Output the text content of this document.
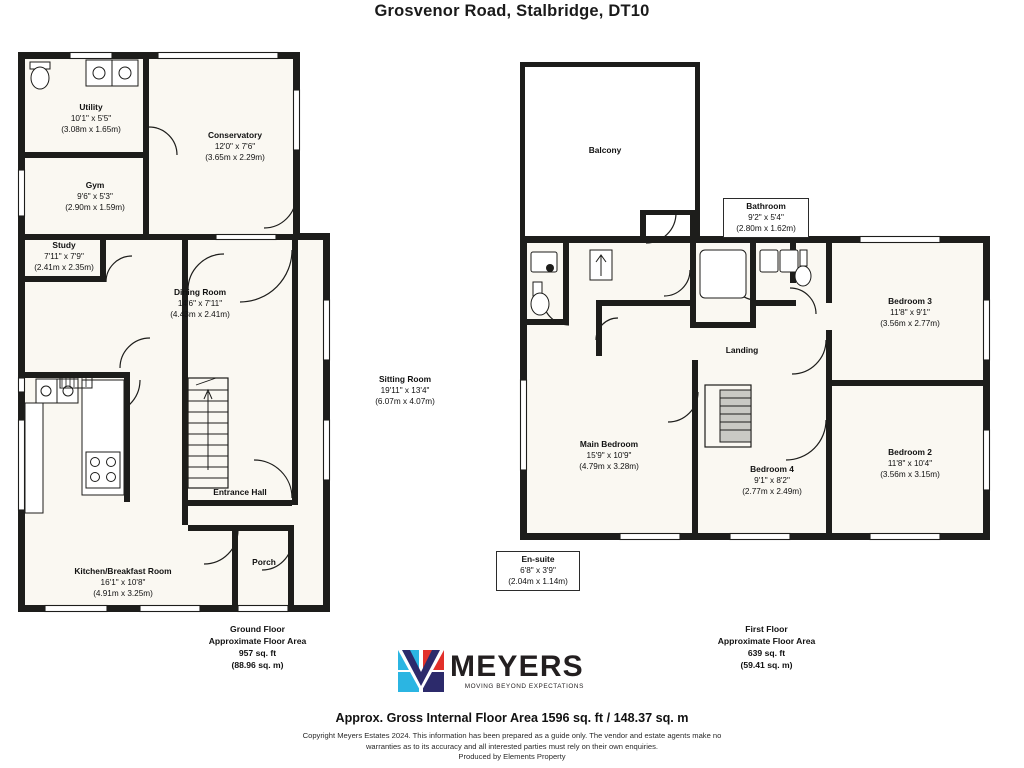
Grosvenor Road, Stalbridge, DT10
Utility
10'1" x 5'5"
(3.08m x 1.65m)
Conservatory
12'0" x 7'6"
(3.65m x 2.29m)
Gym
9'6" x 5'3"
(2.90m x 1.59m)
Study
7'11" x 7'9"
(2.41m x 2.35m)
Dining Room
14'6" x 7'11"
(4.43m x 2.41m)
Sitting Room
19'11" x 13'4"
(6.07m x 4.07m)
Entrance Hall
Porch
Kitchen/Breakfast Room
16'1" x 10'8"
(4.91m x 3.25m)
Balcony
Bathroom
9'2" x 5'4"
(2.80m x 1.62m)
Bedroom 3
11'8" x 9'1"
(3.56m x 2.77m)
Landing
Bedroom 2
11'8" x 10'4"
(3.56m x 3.15m)
Main Bedroom
15'9" x 10'9"
(4.79m x 3.28m)	Bedroom 4
9'1" x 8'2"
(2.77m x 2.49m)
En-suite
6'8" x 3'9"
(2.04m x 1.14m)
Ground Floor
Approximate Floor Area
957 sq. ft
(88.96 sq. m)
First Floor
Approximate Floor Area
639 sq. ft
(59.41 sq. m)
MEYERS
MOVING BEYOND EXPECTATIONS
Approx. Gross Internal Floor Area 1596 sq. ft / 148.37 sq. m
Copyright Meyers Estates 2024. This information has been prepared as a guide only. The vendor and estate agents make no
warranties as to its accuracy and all interested parties must rely on their own enquiries.
Produced by Elements Property
